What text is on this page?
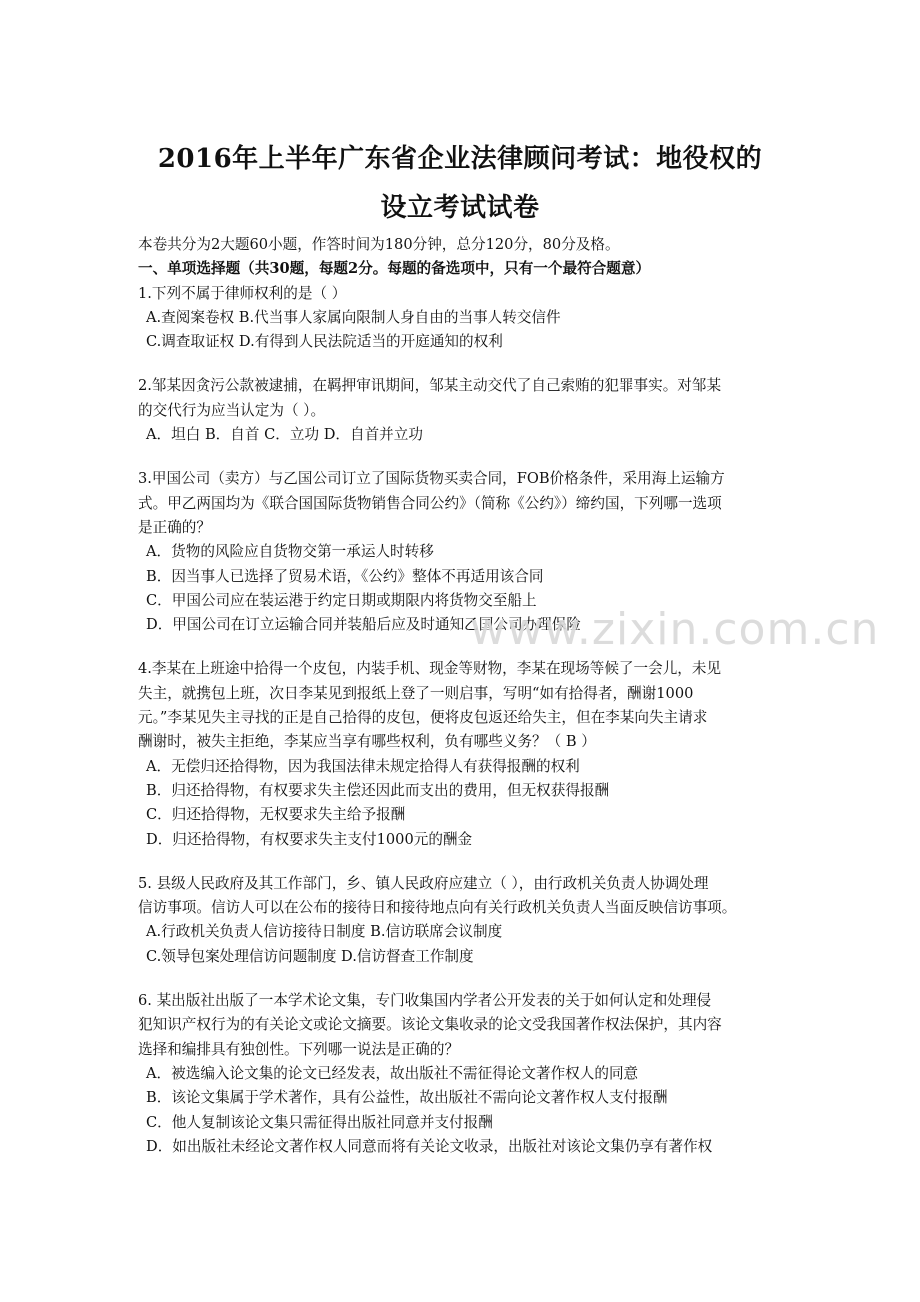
2016年上半年广东省企业法律顾问考试：地役权的
设立考试试卷

本卷共分为2大题60小题，作答时间为180分钟，总分120分，80分及格。

一、单项选择题（共30题，每题2分。每题的备选项中，只有一个最符合题意）

1.下列不属于律师权利的是（ ）

A.查阅案卷权 B.代当事人家属向限制人身自由的当事人转交信件

C.调查取证权 D.有得到人民法院适当的开庭通知的权利

2.邹某因贪污公款被逮捕，在羁押审讯期间，邹某主动交代了自己索贿的犯罪事实。对邹某

的交代行为应当认定为（ ）。

A．坦白 B．自首 C．立功 D．自首并立功

3.甲国公司（卖方）与乙国公司订立了国际货物买卖合同，FOB价格条件，采用海上运输方

式。甲乙两国均为《联合国国际货物销售合同公约》（简称《公约》）缔约国，下列哪一选项

是正确的？

A．货物的风险应自货物交第一承运人时转移

B．因当事人已选择了贸易术语，《公约》整体不再适用该合同

C．甲国公司应在装运港于约定日期或期限内将货物交至船上

D．甲国公司在订立运输合同并装船后应及时通知乙国公司办理保险

4.李某在上班途中拾得一个皮包，内装手机、现金等财物，李某在现场等候了一会儿，未见

失主，就携包上班，次日李某见到报纸上登了一则启事，写明“如有拾得者，酬谢1000

元。”李某见失主寻找的正是自己拾得的皮包，便将皮包返还给失主，但在李某向失主请求

酬谢时，被失主拒绝，李某应当享有哪些权利，负有哪些义务？（ B ）

A．无偿归还拾得物，因为我国法律未规定拾得人有获得报酬的权利

B．归还拾得物，有权要求失主偿还因此而支出的费用，但无权获得报酬

C．归还拾得物，无权要求失主给予报酬

D．归还拾得物，有权要求失主支付1000元的酬金

5. 县级人民政府及其工作部门，乡、镇人民政府应建立（ ），由行政机关负责人协调处理

信访事项。信访人可以在公布的接待日和接待地点向有关行政机关负责人当面反映信访事项。

A.行政机关负责人信访接待日制度 B.信访联席会议制度

C.领导包案处理信访问题制度 D.信访督查工作制度

6. 某出版社出版了一本学术论文集，专门收集国内学者公开发表的关于如何认定和处理侵

犯知识产权行为的有关论文或论文摘要。该论文集收录的论文受我国著作权法保护，其内容

选择和编排具有独创性。下列哪一说法是正确的？

A．被选编入论文集的论文已经发表，故出版社不需征得论文著作权人的同意

B．该论文集属于学术著作，具有公益性，故出版社不需向论文著作权人支付报酬

C．他人复制该论文集只需征得出版社同意并支付报酬

D．如出版社未经论文著作权人同意而将有关论文收录，出版社对该论文集仍享有著作权

www.zixin.com.cn
